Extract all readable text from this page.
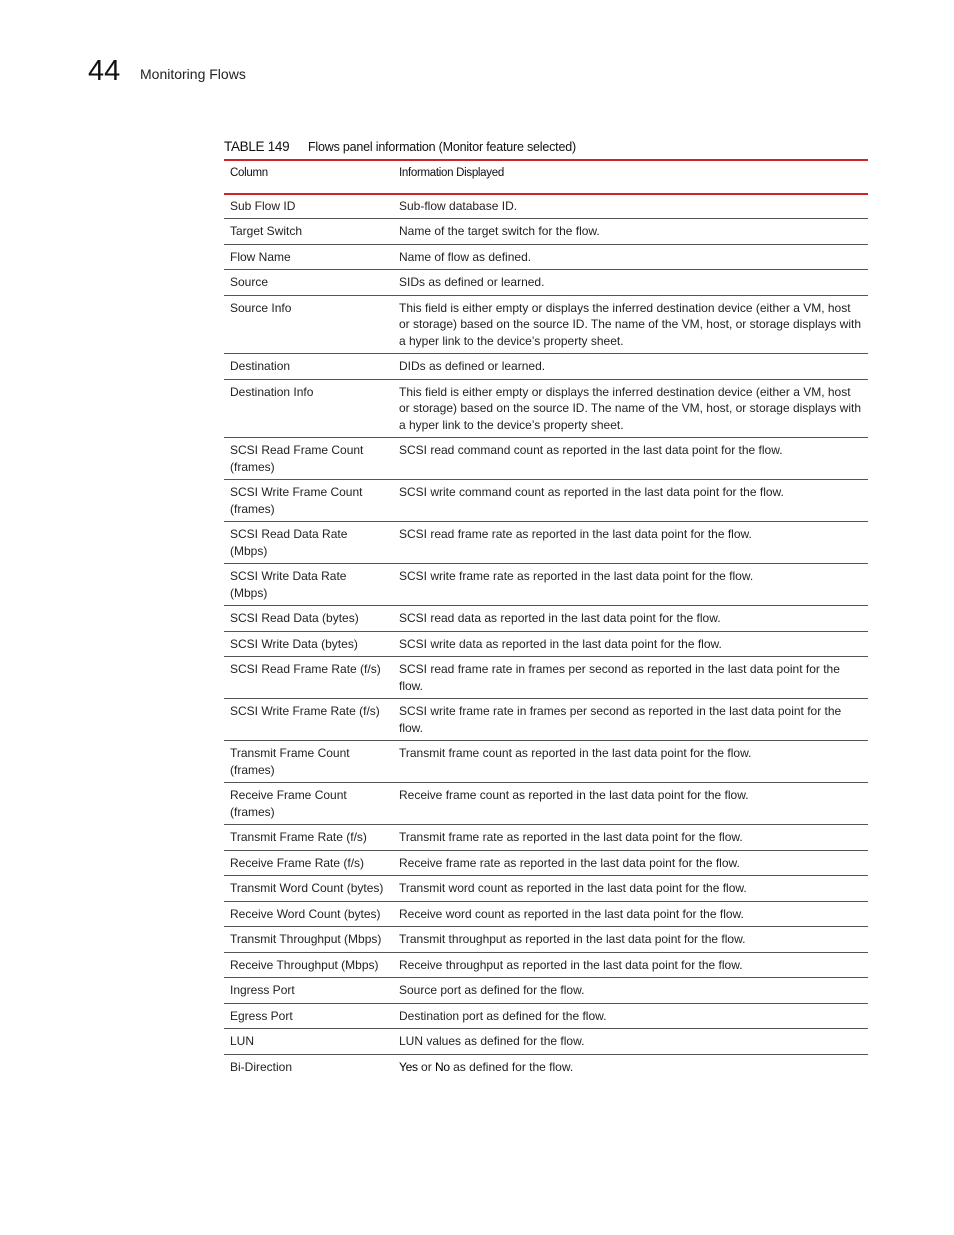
44 Monitoring Flows
TABLE 149 Flows panel information (Monitor feature selected)
Column	Information Displayed
Sub Flow ID	Sub-flow database ID.
Target Switch	Name of the target switch for the flow.
Flow Name	Name of flow as defined.
Source	SIDs as defined or learned.
Source Info	This field is either empty or displays the inferred destination device (either a VM, host or storage) based on the source ID. The name of the VM, host, or storage displays with a hyper link to the device’s property sheet.
Destination	DIDs as defined or learned.
Destination Info	This field is either empty or displays the inferred destination device (either a VM, host or storage) based on the source ID. The name of the VM, host, or storage displays with a hyper link to the device’s property sheet.
SCSI Read Frame Count (frames)	SCSI read command count as reported in the last data point for the flow.
SCSI Write Frame Count (frames)	SCSI write command count as reported in the last data point for the flow.
SCSI Read Data Rate (Mbps)	SCSI read frame rate as reported in the last data point for the flow.
SCSI Write Data Rate (Mbps)	SCSI write frame rate as reported in the last data point for the flow.
SCSI Read Data (bytes)	SCSI read data as reported in the last data point for the flow.
SCSI Write Data (bytes)	SCSI write data as reported in the last data point for the flow.
SCSI Read Frame Rate (f/s)	SCSI read frame rate in frames per second as reported in the last data point for the flow.
SCSI Write Frame Rate (f/s)	SCSI write frame rate in frames per second as reported in the last data point for the flow.
Transmit Frame Count (frames)	Transmit frame count as reported in the last data point for the flow.
Receive Frame Count (frames)	Receive frame count as reported in the last data point for the flow.
Transmit Frame Rate (f/s)	Transmit frame rate as reported in the last data point for the flow.
Receive Frame Rate (f/s)	Receive frame rate as reported in the last data point for the flow.
Transmit Word Count (bytes)	Transmit word count as reported in the last data point for the flow.
Receive Word Count (bytes)	Receive word count as reported in the last data point for the flow.
Transmit Throughput (Mbps)	Transmit throughput as reported in the last data point for the flow.
Receive Throughput (Mbps)	Receive throughput as reported in the last data point for the flow.
Ingress Port	Source port as defined for the flow.
Egress Port	Destination port as defined for the flow.
LUN	LUN values as defined for the flow.
Bi-Direction	Yes or No as defined for the flow.
